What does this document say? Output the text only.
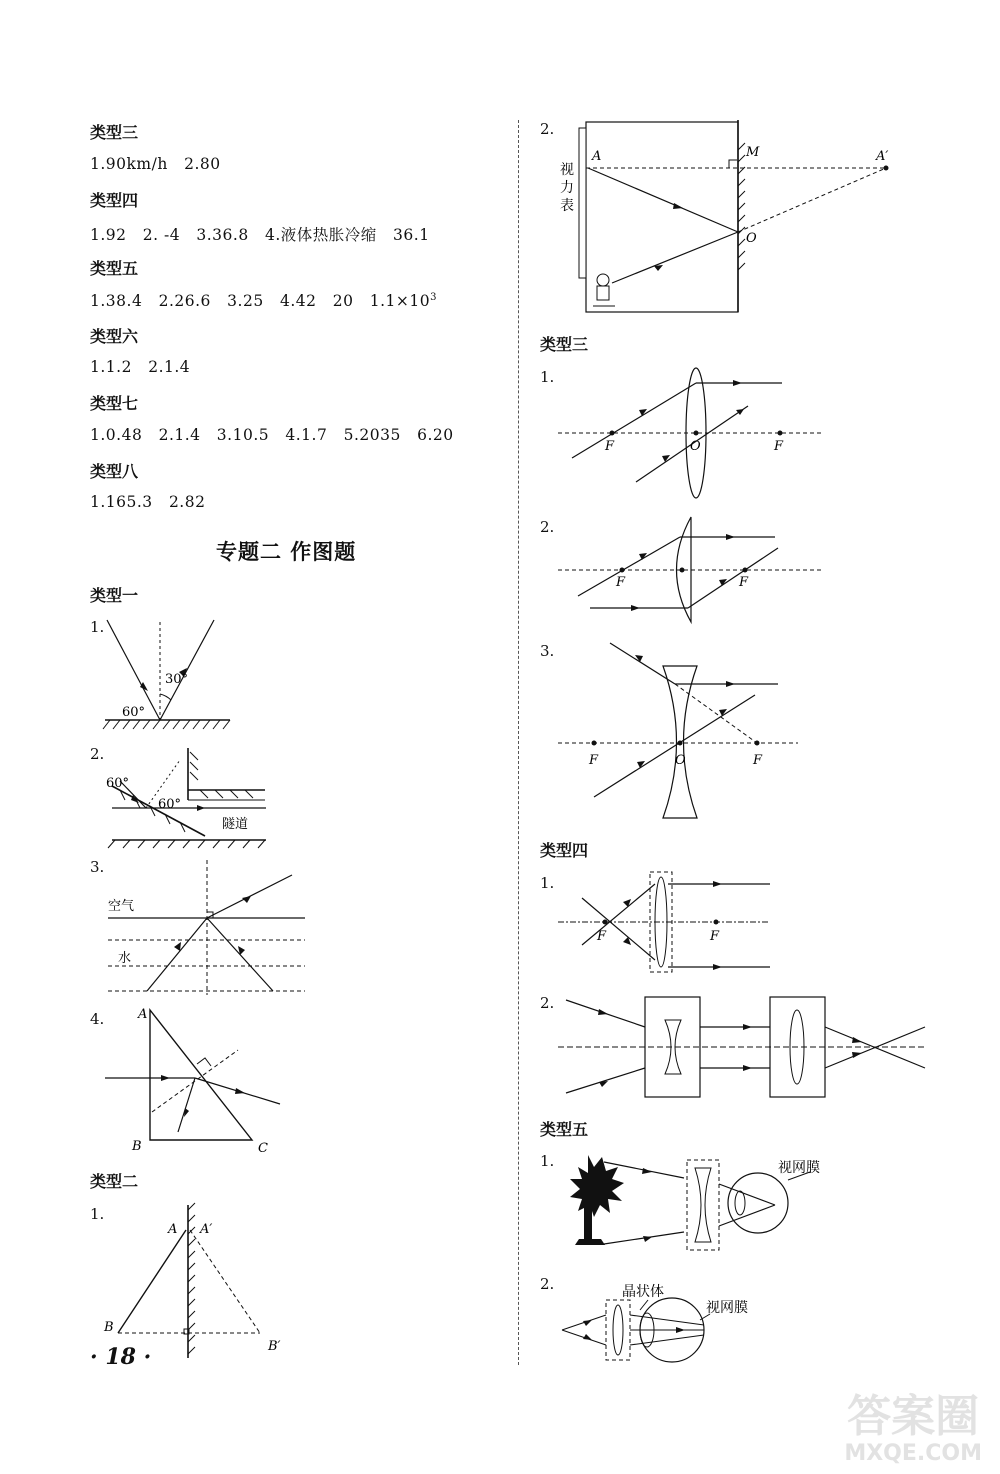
类型三
1.90km/h   2.80
类型四
1.92   2. -4   3.36.8   4.液体热胀冷缩   36.1
类型五
1.38.4   2.26.6   3.25   4.42   20   $1.1\times 10^3$
类型六
1.1.2   2.1.4
类型七
1.0.48   2.1.4   3.10.5   4.1.7   5.2035   6.20
类型八
1.165.3   2.82
专题二 作图题
类型一
1.
2.
3.
4.
类型二
1.
30°
60°
60°
60°
隧道
空气
水
A
B	C
A A′
B
B′
2.
视力表
A	M	A′
O
类型三
1.
F	O	F
2.
F	F
3.
F	O	F
类型四
1.
F	F
2.
类型五
1.	视网膜
2.	晶状体
视网膜
· 18 ·
答案圈
MXQE.COM
